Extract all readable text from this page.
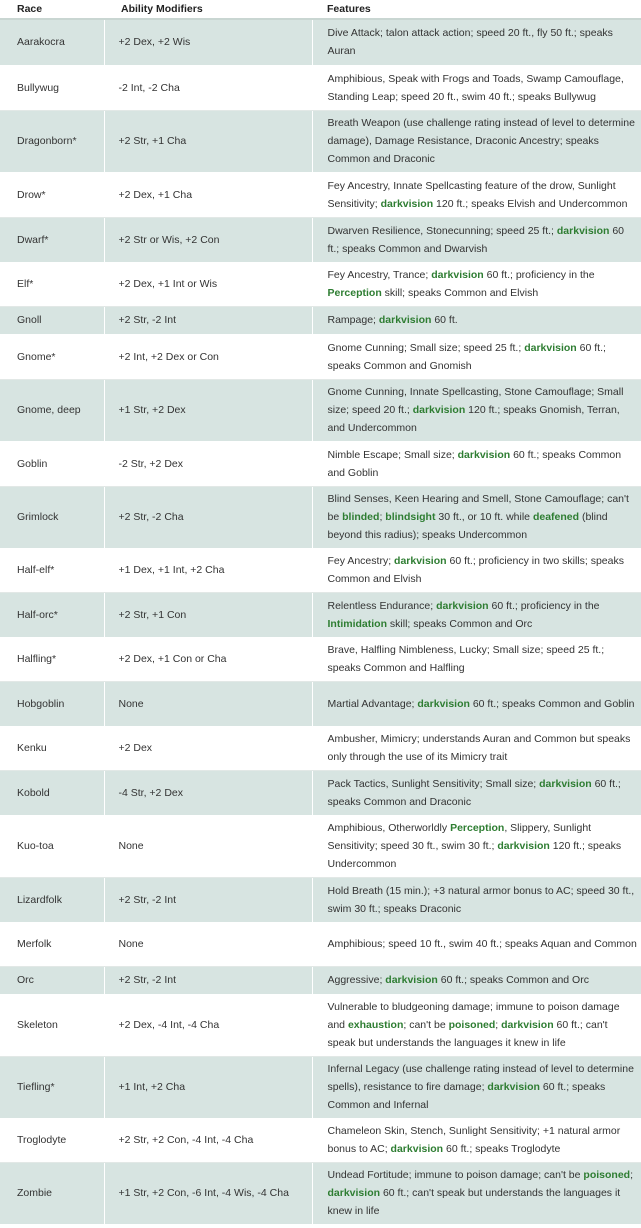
Race	Ability Modifiers	Features
Aarakocra	+2 Dex, +2 Wis	Dive Attack; talon attack action; speed 20 ft., fly 50 ft.; speaks Auran
Bullywug	-2 Int, -2 Cha	Amphibious, Speak with Frogs and Toads, Swamp Camouflage, Standing Leap; speed 20 ft., swim 40 ft.; speaks Bullywug
Dragonborn*	+2 Str, +1 Cha	Breath Weapon (use challenge rating instead of level to determine damage), Damage Resistance, Draconic Ancestry; speaks Common and Draconic
Drow*	+2 Dex, +1 Cha	Fey Ancestry, Innate Spellcasting feature of the drow, Sunlight Sensitivity; darkvision 120 ft.; speaks Elvish and Undercommon
Dwarf*	+2 Str or Wis, +2 Con	Dwarven Resilience, Stonecunning; speed 25 ft.; darkvision 60 ft.; speaks Common and Dwarvish
Elf*	+2 Dex, +1 Int or Wis	Fey Ancestry, Trance; darkvision 60 ft.; proficiency in the Perception skill; speaks Common and Elvish
Gnoll	+2 Str, -2 Int	Rampage; darkvision 60 ft.
Gnome*	+2 Int, +2 Dex or Con	Gnome Cunning; Small size; speed 25 ft.; darkvision 60 ft.; speaks Common and Gnomish
Gnome, deep	+1 Str, +2 Dex	Gnome Cunning, Innate Spellcasting, Stone Camouflage; Small size; speed 20 ft.; darkvision 120 ft.; speaks Gnomish, Terran, and Undercommon
Goblin	-2 Str, +2 Dex	Nimble Escape; Small size; darkvision 60 ft.; speaks Common and Goblin
Grimlock	+2 Str, -2 Cha	Blind Senses, Keen Hearing and Smell, Stone Camouflage; can't be blinded; blindsight 30 ft., or 10 ft. while deafened (blind beyond this radius); speaks Undercommon
Half-elf*	+1 Dex, +1 Int, +2 Cha	Fey Ancestry; darkvision 60 ft.; proficiency in two skills; speaks Common and Elvish
Half-orc*	+2 Str, +1 Con	Relentless Endurance; darkvision 60 ft.; proficiency in the Intimidation skill; speaks Common and Orc
Halfling*	+2 Dex, +1 Con or Cha	Brave, Halfling Nimbleness, Lucky; Small size; speed 25 ft.; speaks Common and Halfling
Hobgoblin	None	Martial Advantage; darkvision 60 ft.; speaks Common and Goblin
Kenku	+2 Dex	Ambusher, Mimicry; understands Auran and Common but speaks only through the use of its Mimicry trait
Kobold	-4 Str, +2 Dex	Pack Tactics, Sunlight Sensitivity; Small size; darkvision 60 ft.; speaks Common and Draconic
Kuo-toa	None	Amphibious, Otherworldly Perception, Slippery, Sunlight Sensitivity; speed 30 ft., swim 30 ft.; darkvision 120 ft.; speaks Undercommon
Lizardfolk	+2 Str, -2 Int	Hold Breath (15 min.); +3 natural armor bonus to AC; speed 30 ft., swim 30 ft.; speaks Draconic
Merfolk	None	Amphibious; speed 10 ft., swim 40 ft.; speaks Aquan and Common
Orc	+2 Str, -2 Int	Aggressive; darkvision 60 ft.; speaks Common and Orc
Skeleton	+2 Dex, -4 Int, -4 Cha	Vulnerable to bludgeoning damage; immune to poison damage and exhaustion; can't be poisoned; darkvision 60 ft.; can't speak but understands the languages it knew in life
Tiefling*	+1 Int, +2 Cha	Infernal Legacy (use challenge rating instead of level to determine spells), resistance to fire damage; darkvision 60 ft.; speaks Common and Infernal
Troglodyte	+2 Str, +2 Con, -4 Int, -4 Cha	Chameleon Skin, Stench, Sunlight Sensitivity; +1 natural armor bonus to AC; darkvision 60 ft.; speaks Troglodyte
Zombie	+1 Str, +2 Con, -6 Int, -4 Wis, -4 Cha	Undead Fortitude; immune to poison damage; can't be poisoned; darkvision 60 ft.; can't speak but understands the languages it knew in life
